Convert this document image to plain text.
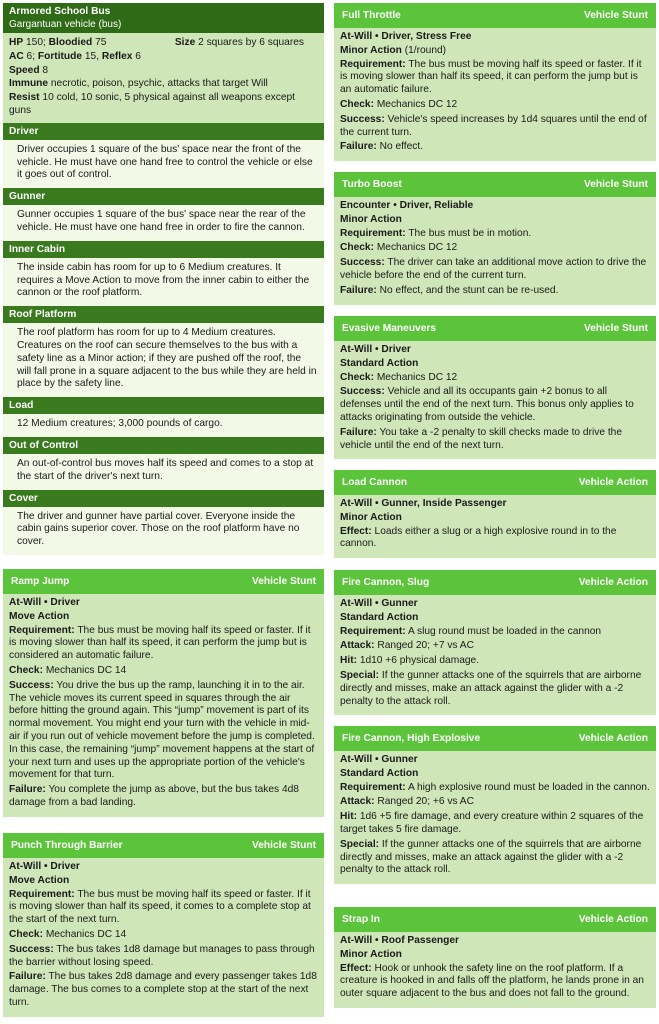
Armored School Bus
Gargantuan vehicle (bus)
HP 150; Bloodied 75	Size 2 squares by 6 squares
AC 6; Fortitude 15, Reflex 6
Speed 8
Immune necrotic, poison, psychic, attacks that target Will
Resist 10 cold, 10 sonic, 5 physical against all weapons except guns
Driver
Driver occupies 1 square of the bus' space near the front of the vehicle. He must have one hand free to control the vehicle or else it goes out of control.
Gunner
Gunner occupies 1 square of the bus' space near the rear of the vehicle. He must have one hand free in order to fire the cannon.
Inner Cabin
The inside cabin has room for up to 6 Medium creatures. It requires a Move Action to move from the inner cabin to either the cannon or the roof platform.
Roof Platform
The roof platform has room for up to 4 Medium creatures. Creatures on the roof can secure themselves to the bus with a safety line as a Minor action; if they are pushed off the roof, the will fall prone in a square adjacent to the bus while they are held in place by the safety line.
Load
12 Medium creatures; 3,000 pounds of cargo.
Out of Control
An out-of-control bus moves half its speed and comes to a stop at the start of the driver's next turn.
Cover
The driver and gunner have partial cover. Everyone inside the cabin gains superior cover. Those on the roof platform have no cover.
Ramp Jump	Vehicle Stunt
At-Will • Driver
Move Action
Requirement: The bus must be moving half its speed or faster. If it is moving slower than half its speed, it can perform the jump but is considered an automatic failure.
Check: Mechanics DC 14
Success: You drive the bus up the ramp, launching it in to the air. The vehicle moves its current speed in squares through the air before hitting the ground again. This “jump” movement is part of its normal movement. You might end your turn with the vehicle in mid-air if you run out of vehicle movement before the jump is completed. In this case, the remaining “jump” movement happens at the start of your next turn and uses up the appropriate portion of the vehicle's movement for that turn.
Failure: You complete the jump as above, but the bus takes 4d8 damage from a bad landing.
Punch Through Barrier	Vehicle Stunt
At-Will • Driver
Move Action
Requirement: The bus must be moving half its speed or faster. If it is moving slower than half its speed, it comes to a complete stop at the start of the next turn.
Check: Mechanics DC 14
Success: The bus takes 1d8 damage but manages to pass through the barrier without losing speed.
Failure: The bus takes 2d8 damage and every passenger takes 1d8 damage. The bus comes to a complete stop at the start of the next turn.
Full Throttle	Vehicle Stunt
At-Will • Driver, Stress Free
Minor Action (1/round)
Requirement: The bus must be moving half its speed or faster. If it is moving slower than half its speed, it can perform the jump but is an automatic failure.
Check: Mechanics DC 12
Success: Vehicle's speed increases by 1d4 squares until the end of the current turn.
Failure: No effect.
Turbo Boost	Vehicle Stunt
Encounter • Driver, Reliable
Minor Action
Requirement: The bus must be in motion.
Check: Mechanics DC 12
Success: The driver can take an additional move action to drive the vehicle before the end of the current turn.
Failure: No effect, and the stunt can be re-used.
Evasive Maneuvers	Vehicle Stunt
At-Will • Driver
Standard Action
Check: Mechanics DC 12
Success: Vehicle and all its occupants gain +2 bonus to all defenses until the end of the next turn. This bonus only applies to attacks originating from outside the vehicle.
Failure: You take a -2 penalty to skill checks made to drive the vehicle until the end of the next turn.
Load Cannon	Vehicle Action
At-Will • Gunner, Inside Passenger
Minor Action
Effect: Loads either a slug or a high explosive round in to the cannon.
Fire Cannon, Slug	Vehicle Action
At-Will • Gunner
Standard Action
Requirement: A slug round must be loaded in the cannon
Attack: Ranged 20; +7 vs AC
Hit: 1d10 +6 physical damage.
Special: If the gunner attacks one of the squirrels that are airborne directly and misses, make an attack against the glider with a -2 penalty to the attack roll.
Fire Cannon, High Explosive	Vehicle Action
At-Will • Gunner
Standard Action
Requirement: A high explosive round must be loaded in the cannon.
Attack: Ranged 20; +6 vs AC
Hit: 1d6 +5 fire damage, and every creature within 2 squares of the target takes 5 fire damage.
Special: If the gunner attacks one of the squirrels that are airborne directly and misses, make an attack against the glider with a -2 penalty to the attack roll.
Strap In	Vehicle Action
At-Will • Roof Passenger
Minor Action
Effect: Hook or unhook the safety line on the roof platform. If a creature is hooked in and falls off the platform, he lands prone in an outer square adjacent to the bus and does not fall to the ground.
